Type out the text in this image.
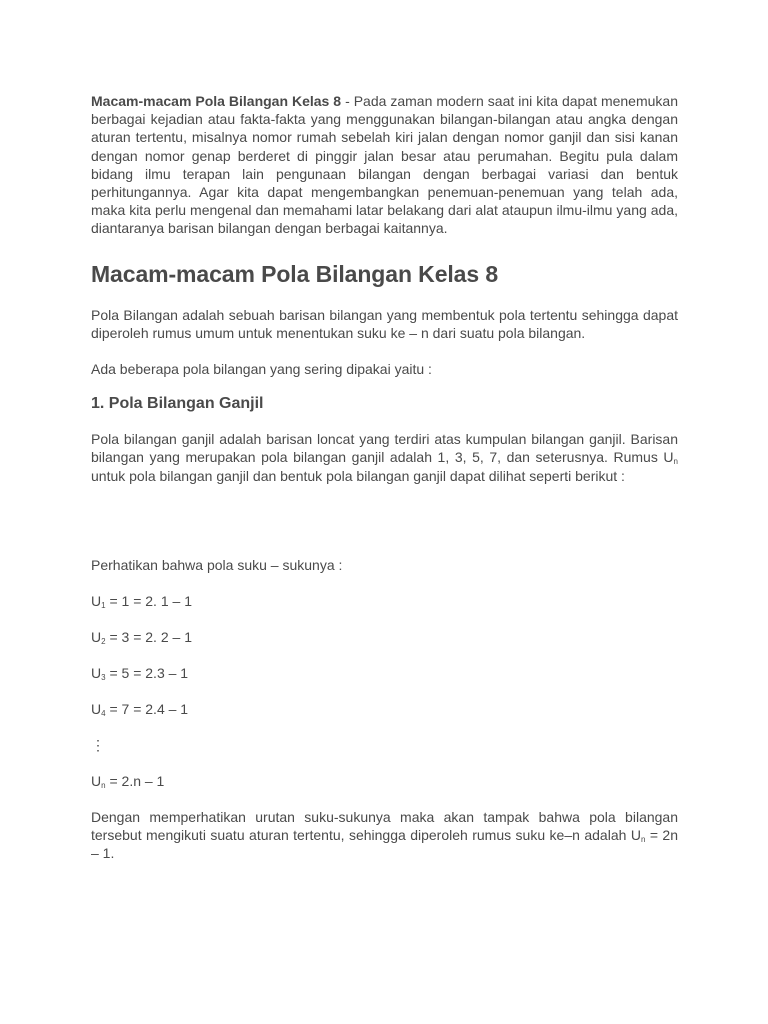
Macam-macam Pola Bilangan Kelas 8 - Pada zaman modern saat ini kita dapat menemukan berbagai kejadian atau fakta-fakta yang menggunakan bilangan-bilangan atau angka dengan aturan tertentu, misalnya nomor rumah sebelah kiri jalan dengan nomor ganjil dan sisi kanan dengan nomor genap berderet di pinggir jalan besar atau perumahan. Begitu pula dalam bidang ilmu terapan lain pengunaan bilangan dengan berbagai variasi dan bentuk perhitungannya. Agar kita dapat mengembangkan penemuan-penemuan yang telah ada, maka kita perlu mengenal dan memahami latar belakang dari alat ataupun ilmu-ilmu yang ada, diantaranya barisan bilangan dengan berbagai kaitannya.

Macam-macam Pola Bilangan Kelas 8

Pola Bilangan adalah sebuah barisan bilangan yang membentuk pola tertentu sehingga dapat diperoleh rumus umum untuk menentukan suku ke – n dari suatu pola bilangan.

Ada beberapa pola bilangan yang sering dipakai yaitu :

1. Pola Bilangan Ganjil

Pola bilangan ganjil adalah barisan loncat yang terdiri atas kumpulan bilangan ganjil. Barisan bilangan yang merupakan pola bilangan ganjil adalah 1, 3, 5, 7, dan seterusnya. Rumus $U_n$ untuk pola bilangan ganjil dan bentuk pola bilangan ganjil dapat dilihat seperti berikut :

Perhatikan bahwa pola suku – sukunya :

$U_1 = 1 = 2$. 1 – 1

$U_2 = 3 = 2$. 2 – 1

$U_3 = 5 = 2.3 - 1$

$U_4 = 7 = 2.4 - 1$

⋮

$U_n = 2.n - 1$

Dengan memperhatikan urutan suku-sukunya maka akan tampak bahwa pola bilangan tersebut mengikuti suatu aturan tertentu, sehingga diperoleh rumus suku ke–n adalah $U_n = 2n - 1$.
